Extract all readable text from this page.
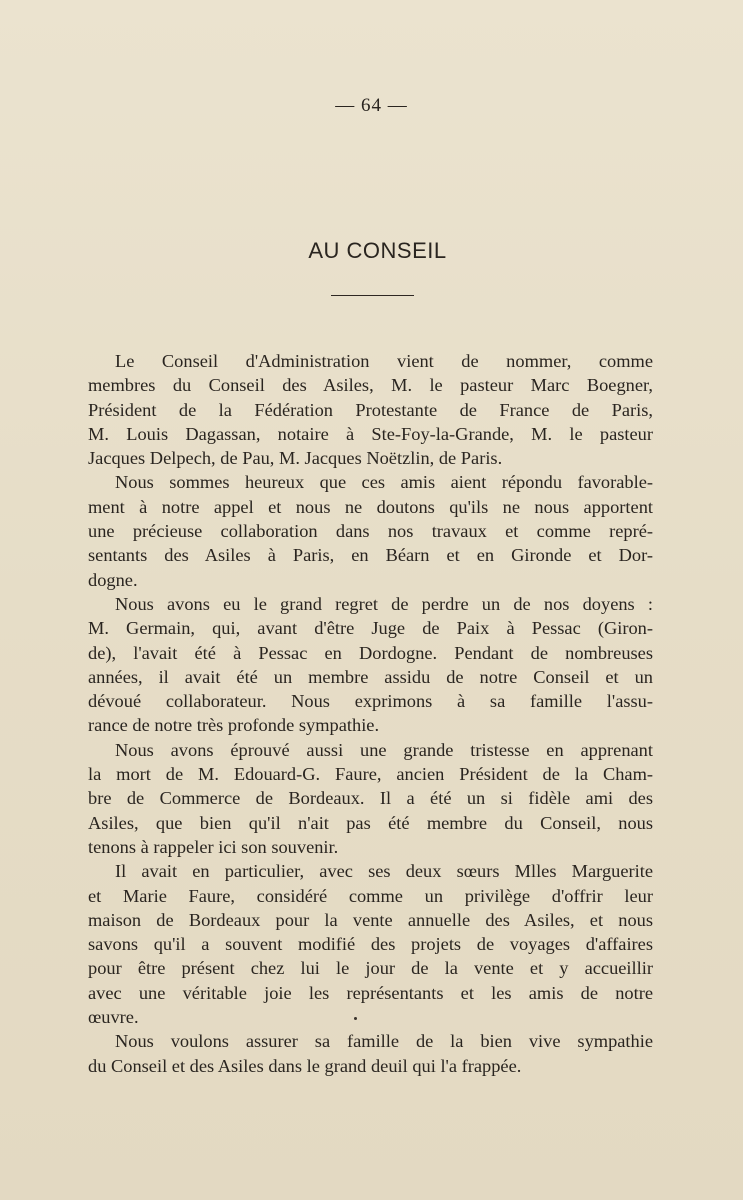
— 64 —
AU CONSEIL
Le Conseil d'Administration vient de nommer, comme
membres du Conseil des Asiles, M. le pasteur Marc Boegner,
Président de la Fédération Protestante de France de Paris,
M. Louis Dagassan, notaire à Ste-Foy-la-Grande, M. le pasteur
Jacques Delpech, de Pau, M. Jacques Noëtzlin, de Paris.
Nous sommes heureux que ces amis aient répondu favorable-
ment à notre appel et nous ne doutons qu'ils ne nous apportent
une précieuse collaboration dans nos travaux et comme repré-
sentants des Asiles à Paris, en Béarn et en Gironde et Dor-
dogne.
Nous avons eu le grand regret de perdre un de nos doyens :
M. Germain, qui, avant d'être Juge de Paix à Pessac (Giron-
de), l'avait été à Pessac en Dordogne. Pendant de nombreuses
années, il avait été un membre assidu de notre Conseil et un
dévoué collaborateur. Nous exprimons à sa famille l'assu-
rance de notre très profonde sympathie.
Nous avons éprouvé aussi une grande tristesse en apprenant
la mort de M. Edouard-G. Faure, ancien Président de la Cham-
bre de Commerce de Bordeaux. Il a été un si fidèle ami des
Asiles, que bien qu'il n'ait pas été membre du Conseil, nous
tenons à rappeler ici son souvenir.
Il avait en particulier, avec ses deux sœurs Mlles Marguerite
et Marie Faure, considéré comme un privilège d'offrir leur
maison de Bordeaux pour la vente annuelle des Asiles, et nous
savons qu'il a souvent modifié des projets de voyages d'affaires
pour être présent chez lui le jour de la vente et y accueillir
avec une véritable joie les représentants et les amis de notre
œuvre.
Nous voulons assurer sa famille de la bien vive sympathie
du Conseil et des Asiles dans le grand deuil qui l'a frappée.
